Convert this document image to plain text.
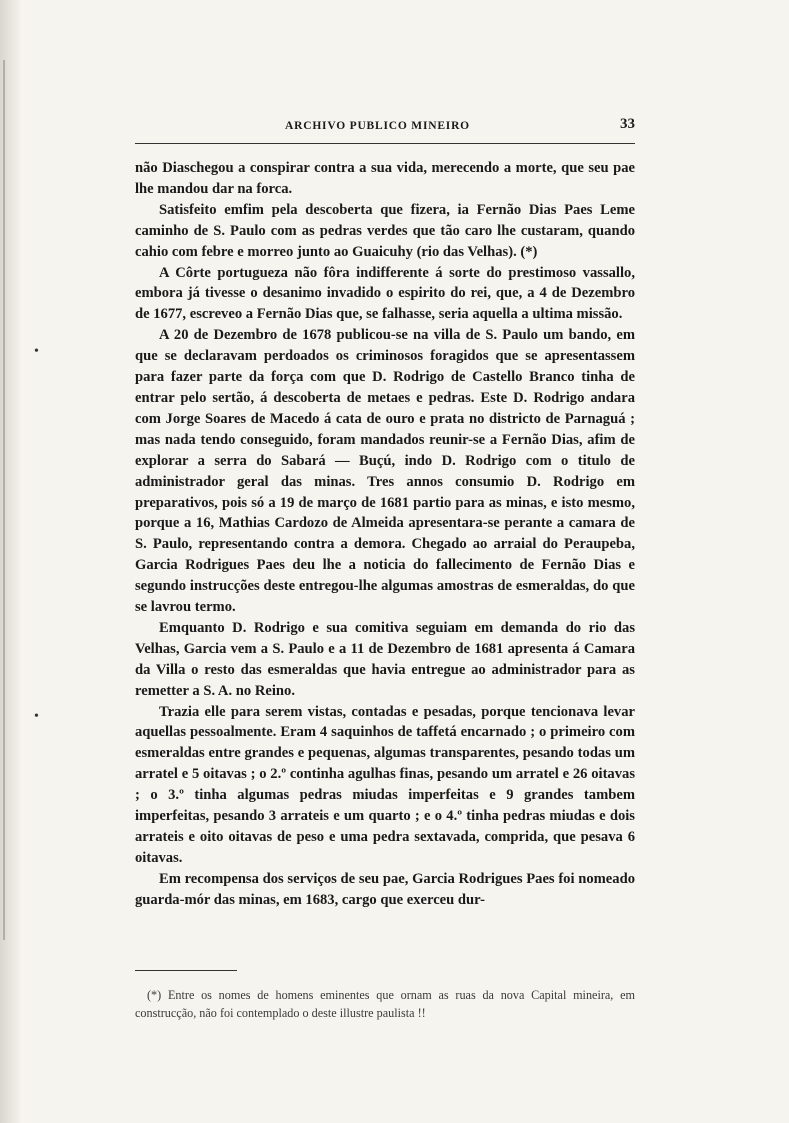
•
•
ARCHIVO PUBLICO MINEIRO	33

não Diaschegou a conspirar contra a sua vida, merecendo a morte, que seu pae lhe mandou dar na forca.

Satisfeito emfim pela descoberta que fizera, ia Fernão Dias Paes Leme caminho de S. Paulo com as pedras verdes que tão caro lhe custaram, quando cahio com febre e morreo junto ao Guaicuhy (rio das Velhas). (*)

A Côrte portugueza não fôra indifferente á sorte do prestimoso vassallo, embora já tivesse o desanimo invadido o espirito do rei, que, a 4 de Dezembro de 1677, escreveo a Fernão Dias que, se falhasse, seria aquella a ultima missão.

A 20 de Dezembro de 1678 publicou-se na villa de S. Paulo um bando, em que se declaravam perdoados os criminosos foragidos que se apresentassem para fazer parte da força com que D. Rodrigo de Castello Branco tinha de entrar pelo sertão, á descoberta de metaes e pedras. Este D. Rodrigo andara com Jorge Soares de Macedo á cata de ouro e prata no districto de Parnaguá ; mas nada tendo conseguido, foram mandados reunir-se a Fernão Dias, afim de explorar a serra do Sabará — Buçú, indo D. Rodrigo com o titulo de administrador geral das minas. Tres annos consumio D. Rodrigo em preparativos, pois só a 19 de março de 1681 partio para as minas, e isto mesmo, porque a 16, Mathias Cardozo de Almeida apresentara-se perante a camara de S. Paulo, representando contra a demora. Chegado ao arraial do Peraupeba, Garcia Rodrigues Paes deu lhe a noticia do fallecimento de Fernão Dias e segundo instrucções deste entregou-lhe algumas amostras de esmeraldas, do que se lavrou termo.

Emquanto D. Rodrigo e sua comitiva seguiam em demanda do rio das Velhas, Garcia vem a S. Paulo e a 11 de Dezembro de 1681 apresenta á Camara da Villa o resto das esmeraldas que havia entregue ao administrador para as remetter a S. A. no Reino.

Trazia elle para serem vistas, contadas e pesadas, porque tencionava levar aquellas pessoalmente. Eram 4 saquinhos de taffetá encarnado ; o primeiro com esmeraldas entre grandes e pequenas, algumas transparentes, pesando todas um arratel e 5 oitavas ; o 2.º continha agulhas finas, pesando um arratel e 26 oitavas ; o 3.º tinha algumas pedras miudas imperfeitas e 9 grandes tambem imperfeitas, pesando 3 arrateis e um quarto ; e o 4.º tinha pedras miudas e dois arrateis e oito oitavas de peso e uma pedra sextavada, comprida, que pesava 6 oitavas.

Em recompensa dos serviços de seu pae, Garcia Rodrigues Paes foi nomeado guarda-mór das minas, em 1683, cargo que exerceu dur-

(*) Entre os nomes de homens eminentes que ornam as ruas da nova Capital mineira, em construcção, não foi contemplado o deste illustre paulista !!
